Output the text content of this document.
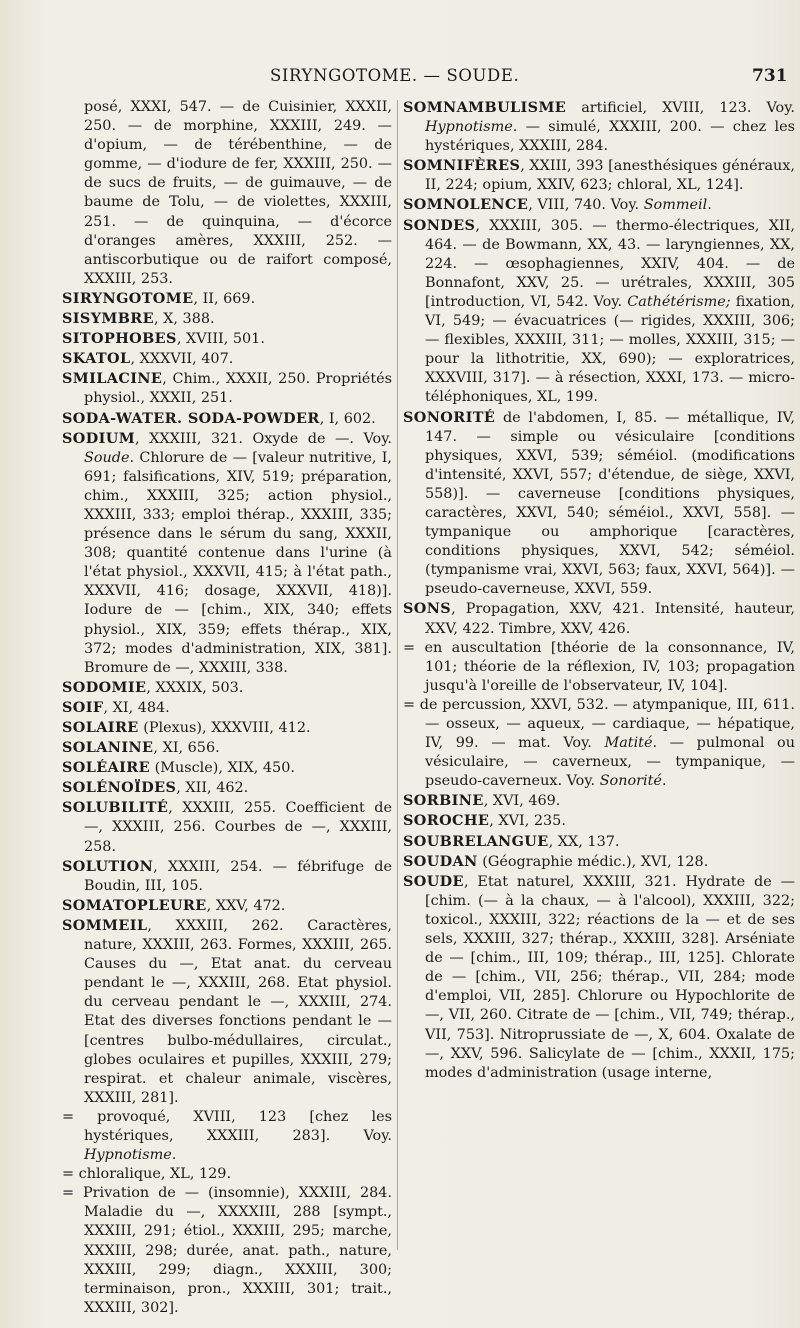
SIRYNGOTOME. — SOUDE.	731

posé, XXXI, 547. — de Cuisinier, XXXII, 250. — de morphine, XXXIII, 249. — d'opium, — de térébenthine, — de gomme, — d'iodure de fer, XXXIII, 250. — de sucs de fruits, — de guimauve, — de baume de Tolu, — de violettes, XXXIII, 251. — de quinquina, — d'écorce d'oranges amères, XXXIII, 252. — antiscorbutique ou de raifort composé, XXXIII, 253.

SIRYNGOTOME, II, 669.

SISYMBRE, X, 388.

SITOPHOBES, XVIII, 501.

SKATOL, XXXVII, 407.

SMILACINE, Chim., XXXII, 250. Propriétés physiol., XXXII, 251.

SODA-WATER. SODA-POWDER, I, 602.

SODIUM, XXXIII, 321. Oxyde de —. Voy. Soude. Chlorure de — [valeur nutritive, I, 691; falsifications, XIV, 519; préparation, chim., XXXIII, 325; action physiol., XXXIII, 333; emploi thérap., XXXIII, 335; présence dans le sérum du sang, XXXII, 308; quantité contenue dans l'urine (à l'état physiol., XXXVII, 415; à l'état path., XXXVII, 416; dosage, XXXVII, 418)]. Iodure de — [chim., XIX, 340; effets physiol., XIX, 359; effets thérap., XIX, 372; modes d'administration, XIX, 381]. Bromure de —, XXXIII, 338.

SODOMIE, XXXIX, 503.

SOIF, XI, 484.

SOLAIRE (Plexus), XXXVIII, 412.

SOLANINE, XI, 656.

SOLÉAIRE (Muscle), XIX, 450.

SOLÉNOÏDES, XII, 462.

SOLUBILITÉ, XXXIII, 255. Coefficient de —, XXXIII, 256. Courbes de —, XXXIII, 258.

SOLUTION, XXXIII, 254. — fébrifuge de Boudin, III, 105.

SOMATOPLEURE, XXV, 472.

SOMMEIL, XXXIII, 262. Caractères, nature, XXXIII, 263. Formes, XXXIII, 265. Causes du —, Etat anat. du cerveau pendant le —, XXXIII, 268. Etat physiol. du cerveau pendant le —, XXXIII, 274. Etat des diverses fonctions pendant le — [centres bulbo-médullaires, circulat., globes oculaires et pupilles, XXXIII, 279; respirat. et chaleur animale, viscères, XXXIII, 281].

= provoqué, XVIII, 123 [chez les hystériques, XXXIII, 283]. Voy. Hypnotisme.

= chloralique, XL, 129.

= Privation de — (insomnie), XXXIII, 284. Maladie du —, XXXXIII, 288 [sympt., XXXIII, 291; étiol., XXXIII, 295; marche, XXXIII, 298; durée, anat. path., nature, XXXIII, 299; diagn., XXXIII, 300; terminaison, pron., XXXIII, 301; trait., XXXIII, 302].

SOMNAMBULISME artificiel, XVIII, 123. Voy. Hypnotisme. — simulé, XXXIII, 200. — chez les hystériques, XXXIII, 284.

SOMNIFÈRES, XXIII, 393 [anesthésiques généraux, II, 224; opium, XXIV, 623; chloral, XL, 124].

SOMNOLENCE, VIII, 740. Voy. Sommeil.

SONDES, XXXIII, 305. — thermo-électriques, XII, 464. — de Bowmann, XX, 43. — laryngiennes, XX, 224. — œsophagiennes, XXIV, 404. — de Bonnafont, XXV, 25. — urétrales, XXXIII, 305 [introduction, VI, 542. Voy. Cathétérisme; fixation, VI, 549; — évacuatrices (— rigides, XXXIII, 306; — flexibles, XXXIII, 311; — molles, XXXIII, 315; — pour la lithotritie, XX, 690); — exploratrices, XXXVIII, 317]. — à résection, XXXI, 173. — micro-téléphoniques, XL, 199.

SONORITÉ de l'abdomen, I, 85. — métallique, IV, 147. — simple ou vésiculaire [conditions physiques, XXVI, 539; séméiol. (modifications d'intensité, XXVI, 557; d'étendue, de siège, XXVI, 558)]. — caverneuse [conditions physiques, caractères, XXVI, 540; séméiol., XXVI, 558]. — tympanique ou amphorique [caractères, conditions physiques, XXVI, 542; séméiol. (tympanisme vrai, XXVI, 563; faux, XXVI, 564)]. — pseudo-caverneuse, XXVI, 559.

SONS, Propagation, XXV, 421. Intensité, hauteur, XXV, 422. Timbre, XXV, 426.

= en auscultation [théorie de la consonnance, IV, 101; théorie de la réflexion, IV, 103; propagation jusqu'à l'oreille de l'observateur, IV, 104].

= de percussion, XXVI, 532. — atympanique, III, 611. — osseux, — aqueux, — cardiaque, — hépatique, IV, 99. — mat. Voy. Matité. — pulmonal ou vésiculaire, — caverneux, — tympanique, — pseudo-caverneux. Voy. Sonorité.

SORBINE, XVI, 469.

SOROCHE, XVI, 235.

SOUBRELANGUE, XX, 137.

SOUDAN (Géographie médic.), XVI, 128.

SOUDE, Etat naturel, XXXIII, 321. Hydrate de — [chim. (— à la chaux, — à l'alcool), XXXIII, 322; toxicol., XXXIII, 322; réactions de la — et de ses sels, XXXIII, 327; thérap., XXXIII, 328]. Arséniate de — [chim., III, 109; thérap., III, 125]. Chlorate de — [chim., VII, 256; thérap., VII, 284; mode d'emploi, VII, 285]. Chlorure ou Hypochlorite de —, VII, 260. Citrate de — [chim., VII, 749; thérap., VII, 753]. Nitroprussiate de —, X, 604. Oxalate de —, XXV, 596. Salicylate de — [chim., XXXII, 175; modes d'administration (usage interne,
